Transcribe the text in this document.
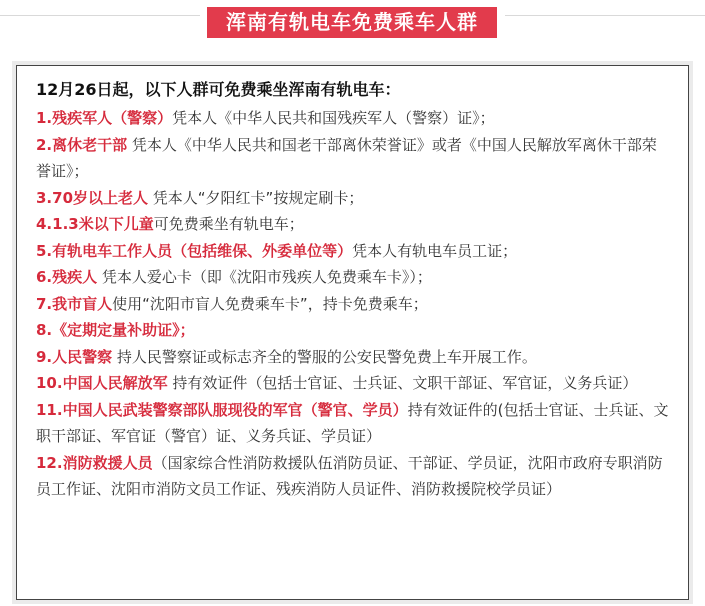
浑南有轨电车免费乘车人群

12月26日起，以下人群可免费乘坐浑南有轨电车：

1.残疾军人（警察）凭本人《中华人民共和国残疾军人（警察）证》；

2.离休老干部 凭本人《中华人民共和国老干部离休荣誉证》或者《中国人民解放军离休干部荣誉证》；

3.70岁以上老人 凭本人“夕阳红卡”按规定刷卡；

4.1.3米以下儿童可免费乘坐有轨电车；

5.有轨电车工作人员（包括维保、外委单位等）凭本人有轨电车员工证；

6.残疾人 凭本人爱心卡（即《沈阳市残疾人免费乘车卡》）；

7.我市盲人使用“沈阳市盲人免费乘车卡”，持卡免费乘车；

8.《定期定量补助证》；

9.人民警察 持人民警察证或标志齐全的警服的公安民警免费上车开展工作。

10.中国人民解放军 持有效证件（包括士官证、士兵证、文职干部证、军官证，义务兵证）

11.中国人民武装警察部队服现役的军官（警官、学员）持有效证件的(包括士官证、士兵证、文职干部证、军官证（警官）证、义务兵证、学员证）

12.消防救援人员（国家综合性消防救援队伍消防员证、干部证、学员证，沈阳市政府专职消防员工作证、沈阳市消防文员工作证、残疾消防人员证件、消防救援院校学员证）
